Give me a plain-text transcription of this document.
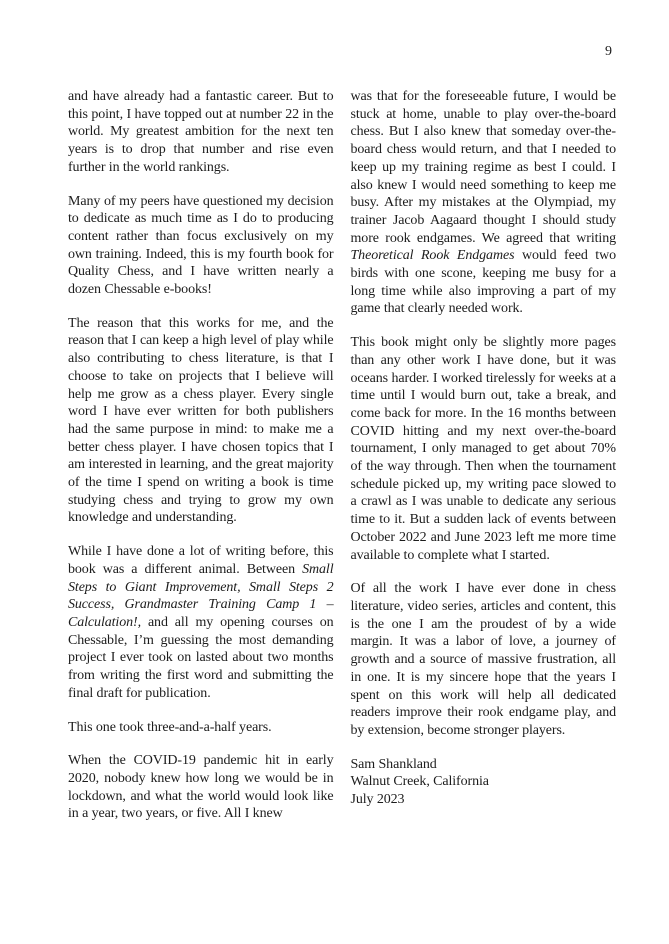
9

and have already had a fantastic career. But to this point, I have topped out at number 22 in the world. My greatest ambition for the next ten years is to drop that number and rise even further in the world rankings.

Many of my peers have questioned my decision to dedicate as much time as I do to producing content rather than focus exclusively on my own training. Indeed, this is my fourth book for Quality Chess, and I have written nearly a dozen Chessable e-books!

The reason that this works for me, and the reason that I can keep a high level of play while also contributing to chess literature, is that I choose to take on projects that I believe will help me grow as a chess player. Every single word I have ever written for both publishers had the same purpose in mind: to make me a better chess player. I have chosen topics that I am interested in learning, and the great majority of the time I spend on writing a book is time studying chess and trying to grow my own knowledge and understanding.

While I have done a lot of writing before, this book was a different animal. Between Small Steps to Giant Improvement, Small Steps 2 Success, Grandmaster Training Camp 1 – Calculation!, and all my opening courses on Chessable, I’m guessing the most demanding project I ever took on lasted about two months from writing the first word and submitting the final draft for publication.

This one took three-and-a-half years.

When the COVID-19 pandemic hit in early 2020, nobody knew how long we would be in lockdown, and what the world would look like in a year, two years, or five. All I knew

was that for the foreseeable future, I would be stuck at home, unable to play over-the-board chess. But I also knew that someday over-the-board chess would return, and that I needed to keep up my training regime as best I could. I also knew I would need something to keep me busy. After my mistakes at the Olympiad, my trainer Jacob Aagaard thought I should study more rook endgames. We agreed that writing Theoretical Rook Endgames would feed two birds with one scone, keeping me busy for a long time while also improving a part of my game that clearly needed work.

This book might only be slightly more pages than any other work I have done, but it was oceans harder. I worked tirelessly for weeks at a time until I would burn out, take a break, and come back for more. In the 16 months between COVID hitting and my next over-the-board tournament, I only managed to get about 70% of the way through. Then when the tournament schedule picked up, my writing pace slowed to a crawl as I was unable to dedicate any serious time to it. But a sudden lack of events between October 2022 and June 2023 left me more time available to complete what I started.

Of all the work I have ever done in chess literature, video series, articles and content, this is the one I am the proudest of by a wide margin. It was a labor of love, a journey of growth and a source of massive frustration, all in one. It is my sincere hope that the years I spent on this work will help all dedicated readers improve their rook endgame play, and by extension, become stronger players.

Sam Shankland
Walnut Creek, California
July 2023
